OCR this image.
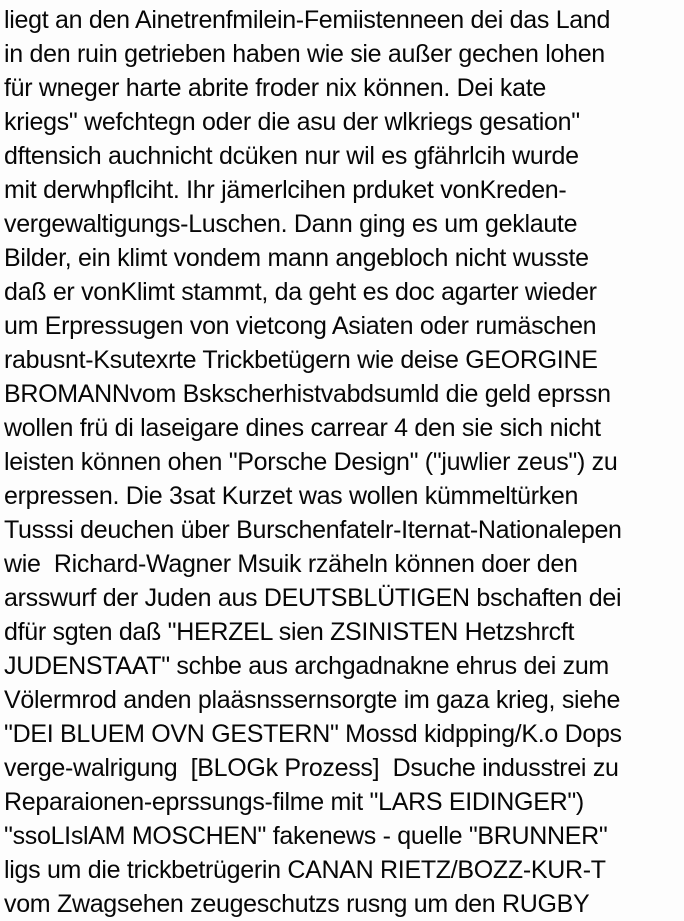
liegt an den Ainetrenfmilein-Femiistenneen dei das Land
in den ruin getrieben haben wie sie außer gechen lohen
für wneger harte abrite froder nix können. Dei kate
kriegs" wefchtegn oder die asu der wlkriegs gesation"
dftensich auchnicht dcüken nur wil es gfährlcih wurde
mit derwhpflciht. Ihr jämerlcihen prduket vonKreden-
vergewaltigungs-Luschen. Dann ging es um geklaute
Bilder, ein klimt vondem mann angebloch nicht wusste
daß er vonKlimt stammt, da geht es doc agarter wieder
um Erpressugen von vietcong Asiaten oder rumäschen
rabusnt-Ksutexrte Trickbetügern wie deise GEORGINE
BROMANNvom Bskscherhistvabdsumld die geld eprssn
wollen frü di laseigare dines carrear 4 den sie sich nicht
leisten können ohen "Porsche Design" ("juwlier zeus") zu
erpressen. Die 3sat Kurzet was wollen kümmeltürken
Tusssi deuchen über Burschenfatelr-Iternat-Nationalepen
wie  Richard-Wagner Msuik rzäheln können doer den
arsswurf der Juden aus DEUTSBLÜTIGEN bschaften dei
dfür sgten daß "HERZEL sien ZSINISTEN Hetzshrcft
JUDENSTAAT" schbe aus archgadnakne ehrus dei zum
Völermrod anden plaäsnssernsorgte im gaza krieg, siehe
"DEI BLUEM OVN GESTERN" Mossd kidpping/K.o Dops
verge-walrigung  [BLOGk Prozess]  Dsuche indusstrei zu
Reparaionen-eprssungs-filme mit "LARS EIDINGER")
"ssoLIslAM MOSCHEN" fakenews - quelle "BRUNNER"
ligs um die trickbetrügerin CANAN RIETZ/BOZZ-KUR-T
vom Zwagsehen zeugeschutzs rusng um den RUGBY
